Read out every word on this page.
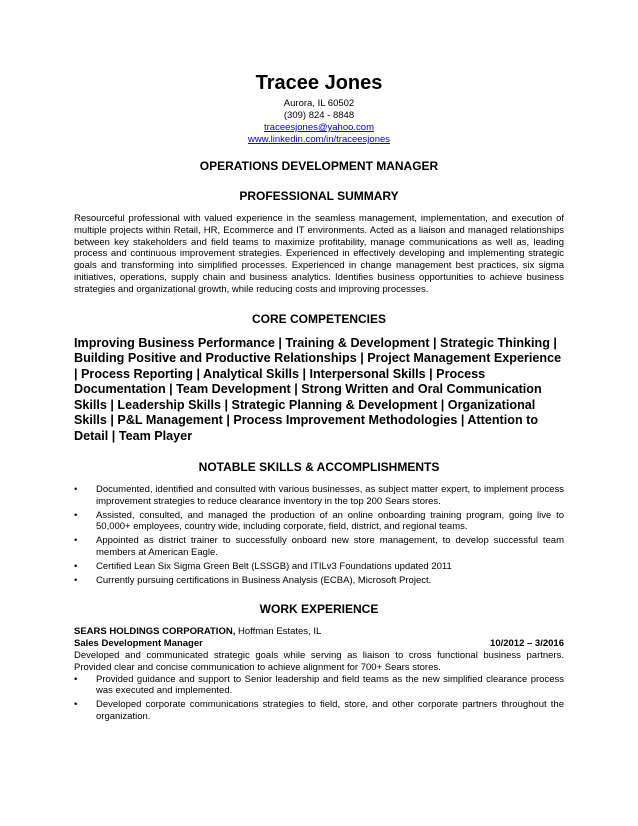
Tracee Jones
Aurora, IL 60502
(309) 824 - 8848
traceesjones@yahoo.com
www.linkedin.com/in/traceesjones
OPERATIONS DEVELOPMENT MANAGER
PROFESSIONAL SUMMARY
Resourceful professional with valued experience in the seamless management, implementation, and execution of multiple projects within Retail, HR, Ecommerce and IT environments. Acted as a liaison and managed relationships between key stakeholders and field teams to maximize profitability, manage communications as well as, leading process and continuous improvement strategies. Experienced in effectively developing and implementing strategic goals and transforming into simplified processes. Experienced in change management best practices, six sigma initiatives, operations, supply chain and business analytics. Identifies business opportunities to achieve business strategies and organizational growth, while reducing costs and improving processes.
CORE COMPETENCIES
Improving Business Performance | Training & Development | Strategic Thinking | Building Positive and Productive Relationships | Project Management Experience | Process Reporting | Analytical Skills | Interpersonal Skills | Process Documentation | Team Development | Strong Written and Oral Communication Skills | Leadership Skills | Strategic Planning & Development | Organizational Skills | P&L Management | Process Improvement Methodologies | Attention to Detail | Team Player
NOTABLE SKILLS & ACCOMPLISHMENTS
•	Documented, identified and consulted with various businesses, as subject matter expert, to implement process improvement strategies to reduce clearance inventory in the top 200 Sears stores.
•	Assisted, consulted, and managed the production of an online onboarding training program, going live to 50,000+ employees, country wide, including corporate, field, district, and regional teams.
•	Appointed as district trainer to successfully onboard new store management, to develop successful team members at American Eagle.
•	Certified Lean Six Sigma Green Belt (LSSGB) and ITILv3 Foundations updated 2011
•	Currently pursuing certifications in Business Analysis (ECBA), Microsoft Project.
WORK EXPERIENCE
SEARS HOLDINGS CORPORATION, Hoffman Estates, IL
Sales Development Manager	10/2012 – 3/2016
Developed and communicated strategic goals while serving as liaison to cross functional business partners. Provided clear and concise communication to achieve alignment for 700+ Sears stores.
•	Provided guidance and support to Senior leadership and field teams as the new simplified clearance process was executed and implemented.
•	Developed corporate communications strategies to field, store, and other corporate partners throughout the organization.
